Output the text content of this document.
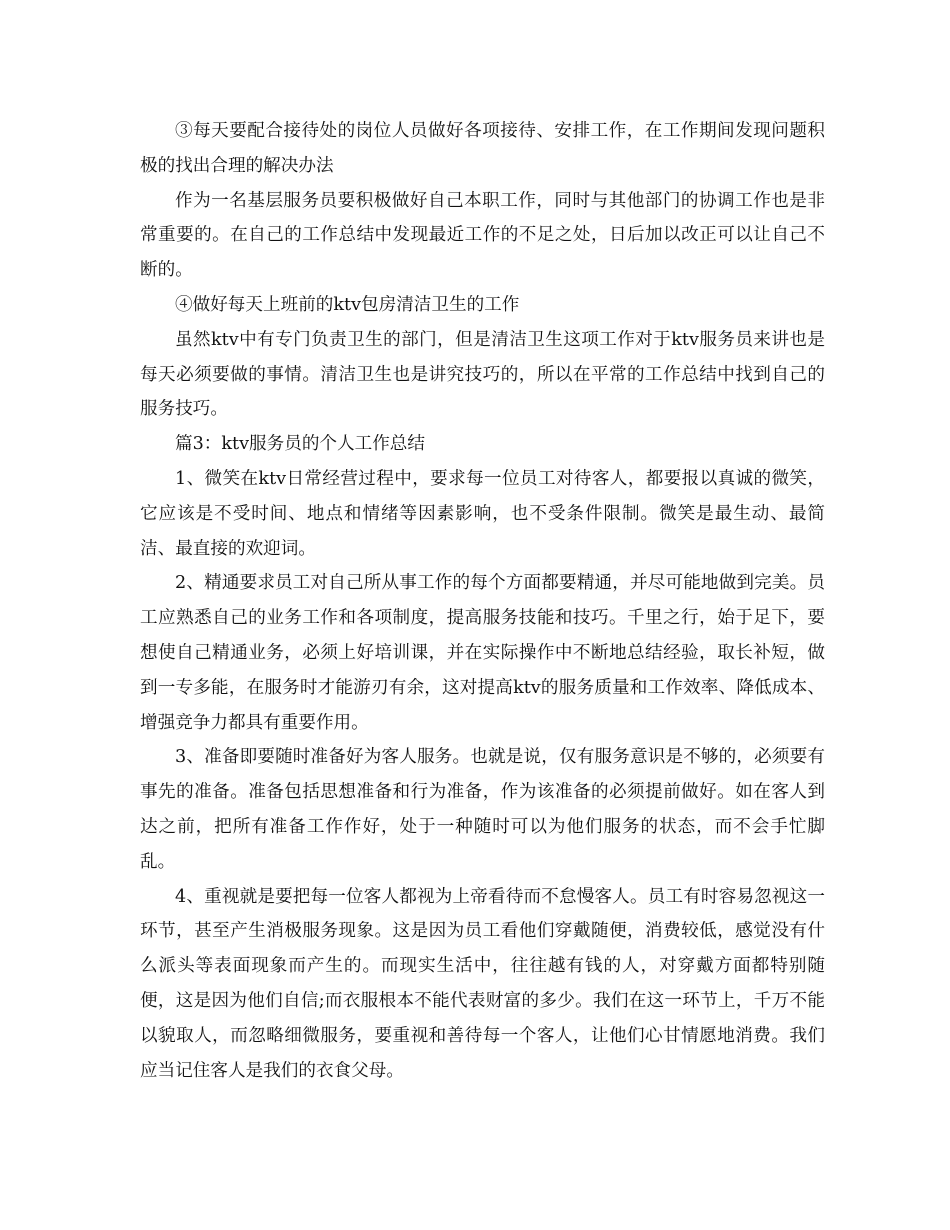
③每天要配合接待处的岗位人员做好各项接待、安排工作，在工作期间发现问题积极的找出合理的解决办法

作为一名基层服务员要积极做好自己本职工作，同时与其他部门的协调工作也是非常重要的。在自己的工作总结中发现最近工作的不足之处，日后加以改正可以让自己不断的。

④做好每天上班前的ktv包房清洁卫生的工作

虽然ktv中有专门负责卫生的部门，但是清洁卫生这项工作对于ktv服务员来讲也是每天必须要做的事情。清洁卫生也是讲究技巧的，所以在平常的工作总结中找到自己的服务技巧。

篇3：ktv服务员的个人工作总结

1、微笑在ktv日常经营过程中，要求每一位员工对待客人，都要报以真诚的微笑，它应该是不受时间、地点和情绪等因素影响，也不受条件限制。微笑是最生动、最简洁、最直接的欢迎词。

2、精通要求员工对自己所从事工作的每个方面都要精通，并尽可能地做到完美。员工应熟悉自己的业务工作和各项制度，提高服务技能和技巧。千里之行，始于足下，要想使自己精通业务，必须上好培训课，并在实际操作中不断地总结经验，取长补短，做到一专多能，在服务时才能游刃有余，这对提高ktv的服务质量和工作效率、降低成本、增强竞争力都具有重要作用。

3、准备即要随时准备好为客人服务。也就是说，仅有服务意识是不够的，必须要有事先的准备。准备包括思想准备和行为准备，作为该准备的必须提前做好。如在客人到达之前，把所有准备工作作好，处于一种随时可以为他们服务的状态，而不会手忙脚乱。

4、重视就是要把每一位客人都视为上帝看待而不怠慢客人。员工有时容易忽视这一环节，甚至产生消极服务现象。这是因为员工看他们穿戴随便，消费较低，感觉没有什么派头等表面现象而产生的。而现实生活中，往往越有钱的人，对穿戴方面都特别随便，这是因为他们自信;而衣服根本不能代表财富的多少。我们在这一环节上，千万不能以貌取人，而忽略细微服务，要重视和善待每一个客人，让他们心甘情愿地消费。我们应当记住客人是我们的衣食父母。
